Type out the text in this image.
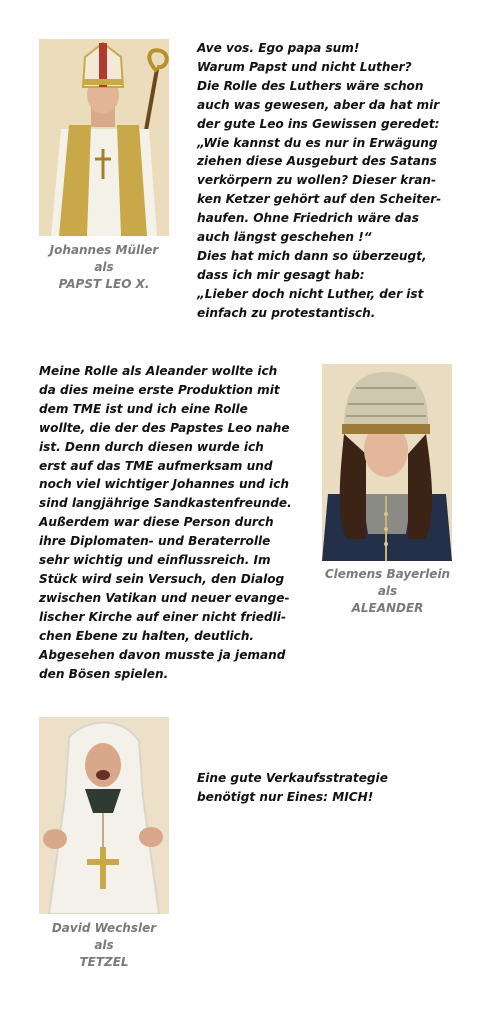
Johannes Müller
als
PAPST LEO X.
Ave vos. Ego papa sum!
Warum Papst und nicht Luther?
Die Rolle des Luthers wäre schon
auch was gewesen, aber da hat mir
der gute Leo ins Gewissen geredet:
„Wie kannst du es nur in Erwägung
ziehen diese Ausgeburt des Satans
verkörpern zu wollen? Dieser kran-
ken Ketzer gehört auf den Scheiter-
haufen. Ohne Friedrich wäre das
auch längst geschehen !“
Dies hat mich dann so überzeugt,
dass ich mir gesagt hab:
„Lieber doch nicht Luther, der ist
einfach zu protestantisch.
Meine Rolle als Aleander wollte ich
da dies meine erste Produktion mit
dem TME ist und ich eine Rolle
wollte, die der des Papstes Leo nahe
ist. Denn durch diesen wurde ich
erst auf das TME aufmerksam und
noch viel wichtiger Johannes und ich
sind langjährige Sandkastenfreunde.
Außerdem war diese Person durch
ihre Diplomaten- und Beraterrolle
sehr wichtig und einflussreich. Im
Stück wird sein Versuch, den Dialog
zwischen Vatikan und neuer evange-
lischer Kirche auf einer nicht friedli-
chen Ebene zu halten, deutlich.
Abgesehen davon musste ja jemand
den Bösen spielen.
Clemens Bayerlein
als
ALEANDER
David Wechsler
als
TETZEL
Eine gute Verkaufsstrategie
benötigt nur Eines: MICH!
